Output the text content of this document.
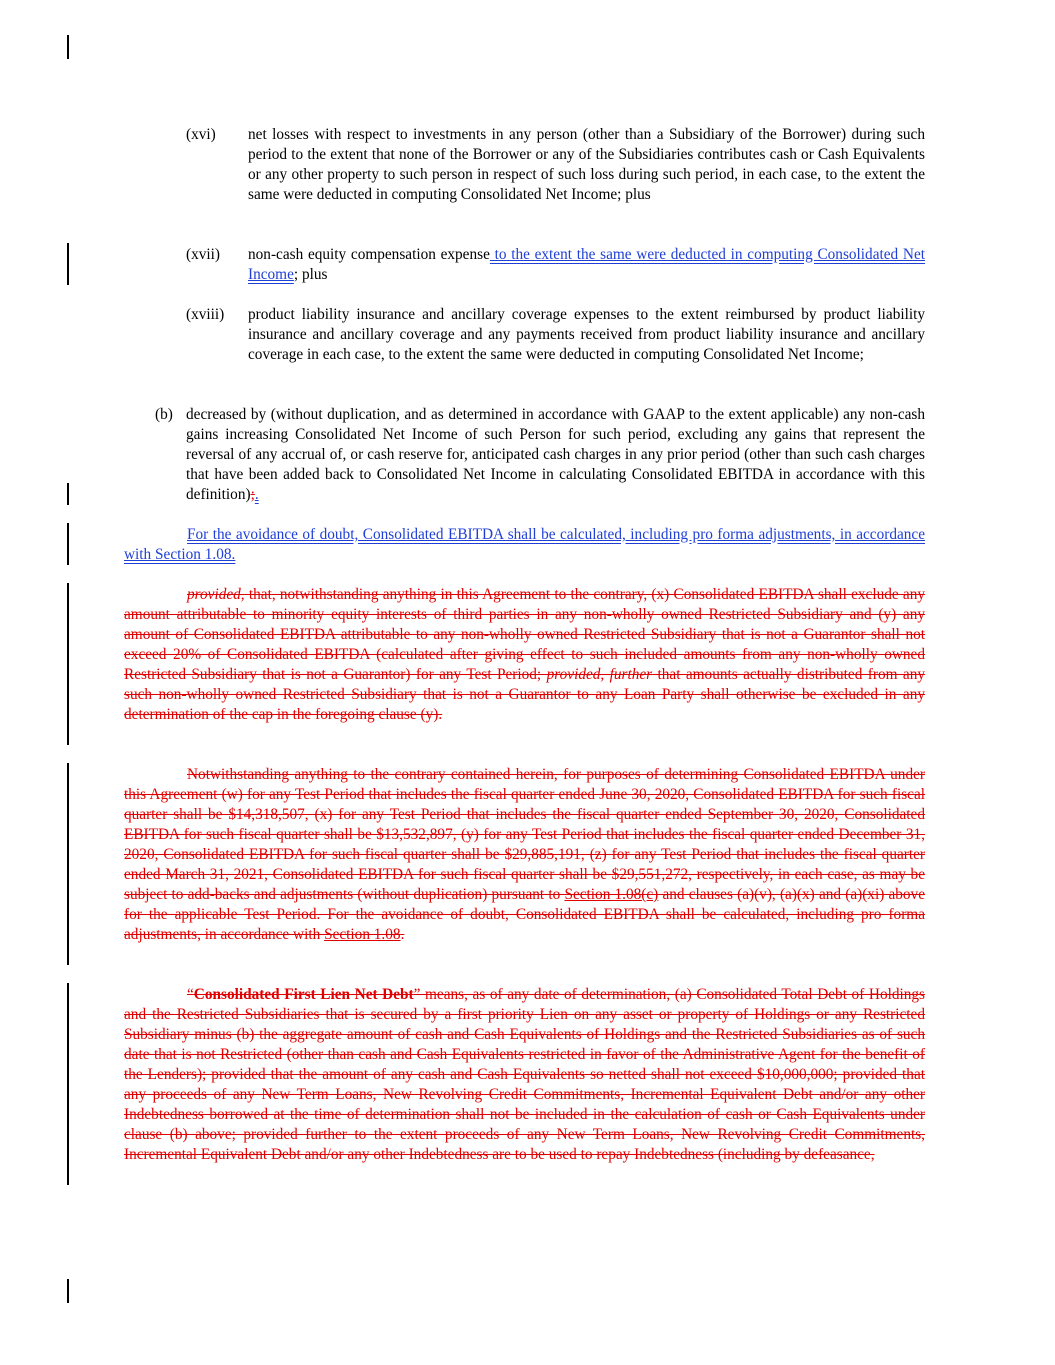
(xvi) net losses with respect to investments in any person (other than a Subsidiary of the Borrower) during such period to the extent that none of the Borrower or any of the Subsidiaries contributes cash or Cash Equivalents or any other property to such person in respect of such loss during such period, in each case, to the extent the same were deducted in computing Consolidated Net Income; plus
(xvii) non-cash equity compensation expense to the extent the same were deducted in computing Consolidated Net Income; plus
(xviii) product liability insurance and ancillary coverage expenses to the extent reimbursed by product liability insurance and ancillary coverage and any payments received from product liability insurance and ancillary coverage in each case, to the extent the same were deducted in computing Consolidated Net Income;
(b) decreased by (without duplication, and as determined in accordance with GAAP to the extent applicable) any non-cash gains increasing Consolidated Net Income of such Person for such period, excluding any gains that represent the reversal of any accrual of, or cash reserve for, anticipated cash charges in any prior period (other than such cash charges that have been added back to Consolidated Net Income in calculating Consolidated EBITDA in accordance with this definition);.
For the avoidance of doubt, Consolidated EBITDA shall be calculated, including pro forma adjustments, in accordance with Section 1.08.
provided, that, notwithstanding anything in this Agreement to the contrary, (x) Consolidated EBITDA shall exclude any amount attributable to minority equity interests of third parties in any non-wholly owned Restricted Subsidiary and (y) any amount of Consolidated EBITDA attributable to any non-wholly owned Restricted Subsidiary that is not a Guarantor shall not exceed 20% of Consolidated EBITDA (calculated after giving effect to such included amounts from any non-wholly owned Restricted Subsidiary that is not a Guarantor) for any Test Period; provided, further that amounts actually distributed from any such non-wholly owned Restricted Subsidiary that is not a Guarantor to any Loan Party shall otherwise be excluded in any determination of the cap in the foregoing clause (y).
Notwithstanding anything to the contrary contained herein, for purposes of determining Consolidated EBITDA under this Agreement (w) for any Test Period that includes the fiscal quarter ended June 30, 2020, Consolidated EBITDA for such fiscal quarter shall be $14,318,507, (x) for any Test Period that includes the fiscal quarter ended September 30, 2020, Consolidated EBITDA for such fiscal quarter shall be $13,532,897, (y) for any Test Period that includes the fiscal quarter ended December 31, 2020, Consolidated EBITDA for such fiscal quarter shall be $29,885,191, (z) for any Test Period that includes the fiscal quarter ended March 31, 2021, Consolidated EBITDA for such fiscal quarter shall be $29,551,272, respectively, in each case, as may be subject to add-backs and adjustments (without duplication) pursuant to Section 1.08(c) and clauses (a)(v), (a)(x) and (a)(xi) above for the applicable Test Period. For the avoidance of doubt, Consolidated EBITDA shall be calculated, including pro forma adjustments, in accordance with Section 1.08.
“Consolidated First Lien Net Debt” means, as of any date of determination, (a) Consolidated Total Debt of Holdings and the Restricted Subsidiaries that is secured by a first priority Lien on any asset or property of Holdings or any Restricted Subsidiary minus (b) the aggregate amount of cash and Cash Equivalents of Holdings and the Restricted Subsidiaries as of such date that is not Restricted (other than cash and Cash Equivalents restricted in favor of the Administrative Agent for the benefit of the Lenders); provided that the amount of any cash and Cash Equivalents so netted shall not exceed $10,000,000; provided that any proceeds of any New Term Loans, New Revolving Credit Commitments, Incremental Equivalent Debt and/or any other Indebtedness borrowed at the time of determination shall not be included in the calculation of cash or Cash Equivalents under clause (b) above; provided further to the extent proceeds of any New Term Loans, New Revolving Credit Commitments, Incremental Equivalent Debt and/or any other Indebtedness are to be used to repay Indebtedness (including by defeasance,
